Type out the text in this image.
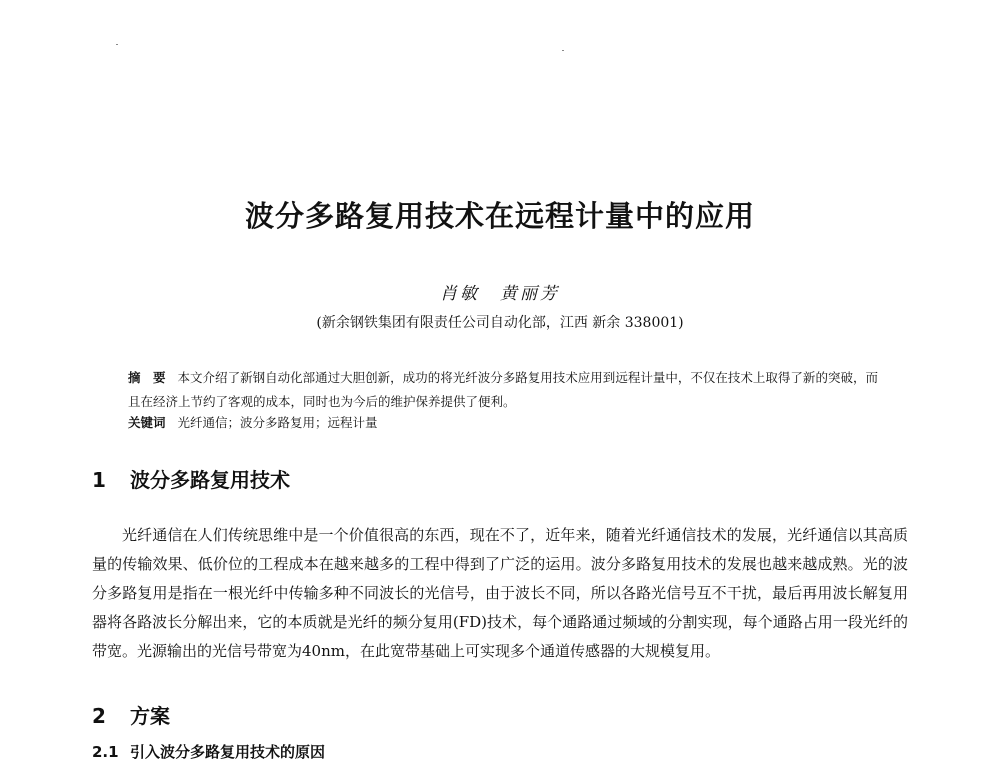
波分多路复用技术在远程计量中的应用
肖敏　黄丽芳
(新余钢铁集团有限责任公司自动化部，江西 新余 338001)
摘　要 本文介绍了新钢自动化部通过大胆创新，成功的将光纤波分多路复用技术应用到远程计量中，不仅在技术上取得了新的突破，而且在经济上节约了客观的成本，同时也为今后的维护保养提供了便利。
关键词 光纤通信；波分多路复用；远程计量
1 波分多路复用技术
光纤通信在人们传统思维中是一个价值很高的东西，现在不了，近年来，随着光纤通信技术的发展，光纤通信以其高质量的传输效果、低价位的工程成本在越来越多的工程中得到了广泛的运用。波分多路复用技术的发展也越来越成熟。光的波分多路复用是指在一根光纤中传输多种不同波长的光信号，由于波长不同，所以各路光信号互不干扰，最后再用波长解复用器将各路波长分解出来，它的本质就是光纤的频分复用(FD)技术，每个通路通过频域的分割实现，每个通路占用一段光纤的带宽。光源输出的光信号带宽为40nm，在此宽带基础上可实现多个通道传感器的大规模复用。
2 方案
2.1 引入波分多路复用技术的原因
